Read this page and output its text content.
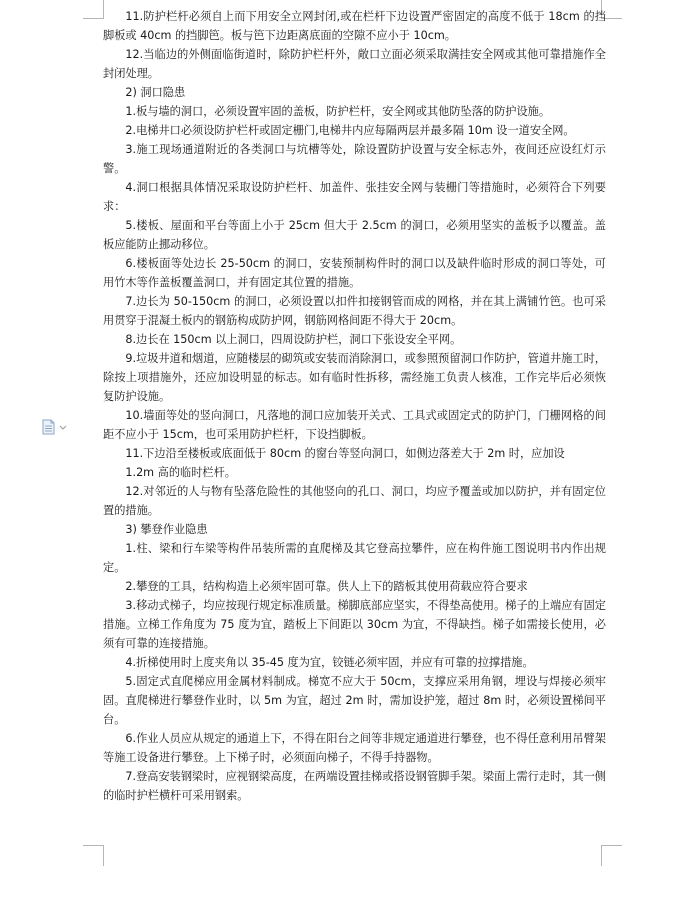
11.防护栏杆必须自上而下用安全立网封闭,或在栏杆下边设置严密固定的高度不低于 18cm 的挡脚板或 40cm 的挡脚笆。板与笆下边距离底面的空隙不应小于 10cm。

12.当临边的外侧面临街道时，除防护栏杆外，敞口立面必须采取满挂安全网或其他可靠措施作全封闭处理。

2) 洞口隐患

1.板与墙的洞口，必须设置牢固的盖板，防护栏杆，安全网或其他防坠落的防护设施。

2.电梯井口必须设防护栏杆或固定栅门,电梯井内应每隔两层并最多隔 10m 设一道安全网。

3.施工现场通道附近的各类洞口与坑槽等处，除设置防护设置与安全标志外，夜间还应设红灯示警。

4.洞口根据具体情况采取设防护栏杆、加盖件、张挂安全网与装栅门等措施时，必须符合下列要求：

5.楼板、屋面和平台等面上小于 25cm 但大于 2.5cm 的洞口，必须用坚实的盖板予以覆盖。盖板应能防止挪动移位。

6.楼板面等处边长 25-50cm 的洞口，安装预制构件时的洞口以及缺件临时形成的洞口等处，可用竹木等作盖板覆盖洞口，并有固定其位置的措施。

7.边长为 50-150cm 的洞口，必须设置以扣件扣接钢管而成的网格，并在其上满铺竹笆。也可采用贯穿于混凝土板内的钢筋构成防护网，钢筋网格间距不得大于 20cm。

8.边长在 150cm 以上洞口，四周设防护栏，洞口下张设安全平网。

9.垃圾井道和烟道，应随楼层的砌筑或安装而消除洞口，或参照预留洞口作防护，管道井施工时，除按上项措施外，还应加设明显的标志。如有临时性拆移，需经施工负责人核准，工作完毕后必须恢复防护设施。

10.墙面等处的竖向洞口，凡落地的洞口应加装开关式、工具式或固定式的防护门，门栅网格的间距不应小于 15cm，也可采用防护栏杆，下设挡脚板。

11.下边沿至楼板或底面低于 80cm 的窗台等竖向洞口，如侧边落差大于 2m 时，应加设

1.2m 高的临时栏杆。

12.对邻近的人与物有坠落危险性的其他竖向的孔口、洞口，均应予覆盖或加以防护，并有固定位置的措施。

3) 攀登作业隐患

1.柱、梁和行车梁等构件吊装所需的直爬梯及其它登高拉攀件，应在构件施工图说明书内作出规定。

2.攀登的工具，结构构造上必须牢固可靠。供人上下的踏板其使用荷载应符合要求

3.移动式梯子，均应按现行规定标准质量。梯脚底部应坚实，不得垫高使用。梯子的上端应有固定措施。立梯工作角度为 75 度为宜，踏板上下间距以 30cm 为宜，不得缺挡。梯子如需接长使用，必须有可靠的连接措施。

4.折梯使用时上度夹角以 35-45 度为宜，铰链必须牢固，并应有可靠的拉撑措施。

5.固定式直爬梯应用金属材料制成。梯宽不应大于 50cm，支撑应采用角钢，埋设与焊接必须牢固。直爬梯进行攀登作业时，以 5m 为宜，超过 2m 时，需加设护笼，超过 8m 时，必须设置梯间平台。

6.作业人员应从规定的通道上下，不得在阳台之间等非规定通道进行攀登，也不得任意利用吊臂架等施工设备进行攀登。上下梯子时，必须面向梯子，不得手持器物。

7.登高安装钢梁时，应视钢梁高度，在两端设置挂梯或搭设钢管脚手架。梁面上需行走时，其一侧的临时护栏横杆可采用钢索。
